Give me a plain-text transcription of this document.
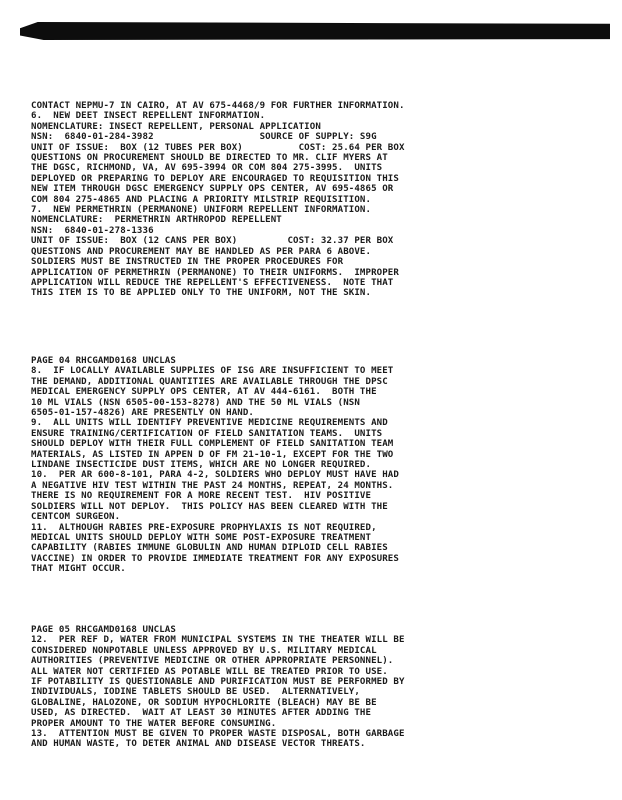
CONTACT NEPMU-7 IN CAIRO, AT AV 675-4468/9 FOR FURTHER INFORMATION.
6.  NEW DEET INSECT REPELLENT INFORMATION.
NOMENCLATURE: INSECT REPELLENT, PERSONAL APPLICATION
NSN:  6840-01-284-3982                   SOURCE OF SUPPLY: S9G
UNIT OF ISSUE:  BOX (12 TUBES PER BOX)          COST: 25.64 PER BOX
QUESTIONS ON PROCUREMENT SHOULD BE DIRECTED TO MR. CLIF MYERS AT
THE DGSC, RICHMOND, VA, AV 695-3994 OR COM 804 275-3995.  UNITS
DEPLOYED OR PREPARING TO DEPLOY ARE ENCOURAGED TO REQUISITION THIS
NEW ITEM THROUGH DGSC EMERGENCY SUPPLY OPS CENTER, AV 695-4865 OR
COM 804 275-4865 AND PLACING A PRIORITY MILSTRIP REQUISITION.
7.  NEW PERMETHRIN (PERMANONE) UNIFORM REPELLENT INFORMATION.
NOMENCLATURE:  PERMETHRIN ARTHROPOD REPELLENT
NSN:  6840-01-278-1336
UNIT OF ISSUE:  BOX (12 CANS PER BOX)         COST: 32.37 PER BOX
QUESTIONS AND PROCUREMENT MAY BE HANDLED AS PER PARA 6 ABOVE.
SOLDIERS MUST BE INSTRUCTED IN THE PROPER PROCEDURES FOR
APPLICATION OF PERMETHRIN (PERMANONE) TO THEIR UNIFORMS.  IMPROPER
APPLICATION WILL REDUCE THE REPELLENT'S EFFECTIVENESS.  NOTE THAT
THIS ITEM IS TO BE APPLIED ONLY TO THE UNIFORM, NOT THE SKIN.
PAGE 04 RHCGAMD0168 UNCLAS
8.  IF LOCALLY AVAILABLE SUPPLIES OF ISG ARE INSUFFICIENT TO MEET
THE DEMAND, ADDITIONAL QUANTITIES ARE AVAILABLE THROUGH THE DPSC
MEDICAL EMERGENCY SUPPLY OPS CENTER, AT AV 444-6161.  BOTH THE
10 ML VIALS (NSN 6505-00-153-8278) AND THE 50 ML VIALS (NSN
6505-01-157-4826) ARE PRESENTLY ON HAND.
9.  ALL UNITS WILL IDENTIFY PREVENTIVE MEDICINE REQUIREMENTS AND
ENSURE TRAINING/CERTIFICATION OF FIELD SANITATION TEAMS.  UNITS
SHOULD DEPLOY WITH THEIR FULL COMPLEMENT OF FIELD SANITATION TEAM
MATERIALS, AS LISTED IN APPEN D OF FM 21-10-1, EXCEPT FOR THE TWO
LINDANE INSECTICIDE DUST ITEMS, WHICH ARE NO LONGER REQUIRED.
10.  PER AR 600-8-101, PARA 4-2, SOLDIERS WHO DEPLOY MUST HAVE HAD
A NEGATIVE HIV TEST WITHIN THE PAST 24 MONTHS, REPEAT, 24 MONTHS.
THERE IS NO REQUIREMENT FOR A MORE RECENT TEST.  HIV POSITIVE
SOLDIERS WILL NOT DEPLOY.  THIS POLICY HAS BEEN CLEARED WITH THE
CENTCOM SURGEON.
11.  ALTHOUGH RABIES PRE-EXPOSURE PROPHYLAXIS IS NOT REQUIRED,
MEDICAL UNITS SHOULD DEPLOY WITH SOME POST-EXPOSURE TREATMENT
CAPABILITY (RABIES IMMUNE GLOBULIN AND HUMAN DIPLOID CELL RABIES
VACCINE) IN ORDER TO PROVIDE IMMEDIATE TREATMENT FOR ANY EXPOSURES
THAT MIGHT OCCUR.
PAGE 05 RHCGAMD0168 UNCLAS
12.  PER REF D, WATER FROM MUNICIPAL SYSTEMS IN THE THEATER WILL BE
CONSIDERED NONPOTABLE UNLESS APPROVED BY U.S. MILITARY MEDICAL
AUTHORITIES (PREVENTIVE MEDICINE OR OTHER APPROPRIATE PERSONNEL).
ALL WATER NOT CERTIFIED AS POTABLE WILL BE TREATED PRIOR TO USE.
IF POTABILITY IS QUESTIONABLE AND PURIFICATION MUST BE PERFORMED BY
INDIVIDUALS, IODINE TABLETS SHOULD BE USED.  ALTERNATIVELY,
GLOBALINE, HALOZONE, OR SODIUM HYPOCHLORITE (BLEACH) MAY BE BE
USED, AS DIRECTED.  WAIT AT LEAST 30 MINUTES AFTER ADDING THE
PROPER AMOUNT TO THE WATER BEFORE CONSUMING.
13.  ATTENTION MUST BE GIVEN TO PROPER WASTE DISPOSAL, BOTH GARBAGE
AND HUMAN WASTE, TO DETER ANIMAL AND DISEASE VECTOR THREATS.
